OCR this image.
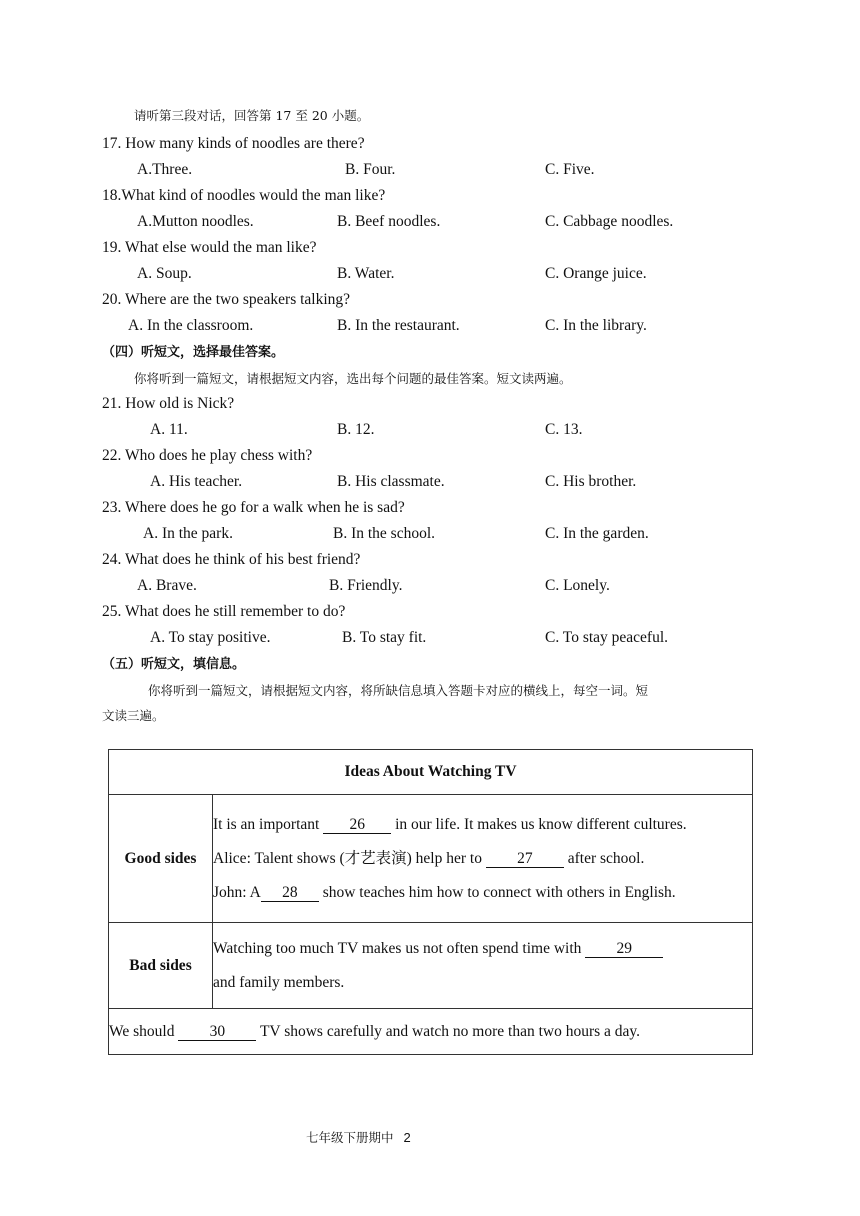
请听第三段对话，回答第 17 至 20 小题。
17. How many kinds of noodles are there?
A.Three.	B. Four.	C. Five.
18.What kind of noodles would the man like?
A.Mutton noodles.	B. Beef noodles.	C. Cabbage noodles.
19. What else would the man like?
A. Soup.	B. Water.	C. Orange juice.
20. Where are the two speakers talking?
A. In the classroom.	B. In the restaurant.	C. In the library.
（四）听短文，选择最佳答案。
你将听到一篇短文，请根据短文内容，选出每个问题的最佳答案。短文读两遍。
21. How old is Nick?
A. 11.	B. 12.	C. 13.
22. Who does he play chess with?
A. His teacher.	B. His classmate.	C. His brother.
23. Where does he go for a walk when he is sad?
A. In the park.	B. In the school.	C. In the garden.
24. What does he think of his best friend?
A. Brave.	B. Friendly.	C. Lonely.
25. What does he still remember to do?
A. To stay positive.	B. To stay fit.	C. To stay peaceful.
（五）听短文，填信息。
你将听到一篇短文，请根据短文内容，将所缺信息填入答题卡对应的横线上，每空一词。短
文读三遍。
Ideas About Watching TV	
Good sides	It is an important 26 in our life. It makes us know different cultures.
Alice: Talent shows (才艺表演) help her to 27 after school.
John: A 28 show teaches him how to connect with others in English.

Bad sides	Watching too much TV makes us not often spend time with 29
and family members.

We should 30 TV shows carefully and watch no more than two hours a day.	
七年级下册期中 2
